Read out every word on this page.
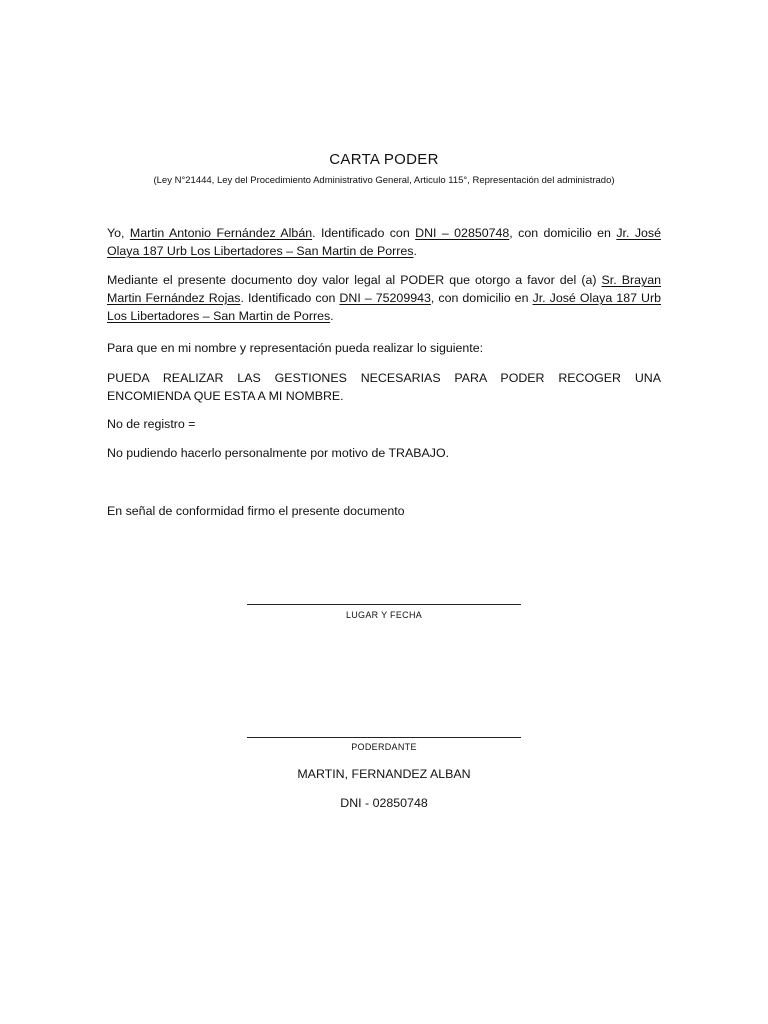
CARTA PODER
(Ley N°21444, Ley del Procedimiento Administrativo General, Articulo 115°, Representación del administrado)
Yo, Martin Antonio Fernández Albán. Identificado con DNI – 02850748, con domicilio en Jr. José Olaya 187 Urb Los Libertadores – San Martin de Porres.
Mediante el presente documento doy valor legal al PODER que otorgo a favor del (a) Sr. Brayan Martin Fernández Rojas. Identificado con DNI – 75209943, con domicilio en Jr. José Olaya 187 Urb Los Libertadores – San Martin de Porres.
Para que en mi nombre y representación pueda realizar lo siguiente:
PUEDA REALIZAR LAS GESTIONES NECESARIAS PARA PODER RECOGER UNA ENCOMIENDA QUE ESTA A MI NOMBRE.
No de registro =
No pudiendo hacerlo personalmente por motivo de TRABAJO.
En señal de conformidad firmo el presente documento
LUGAR Y FECHA
PODERDANTE
MARTIN, FERNANDEZ ALBAN
DNI - 02850748
